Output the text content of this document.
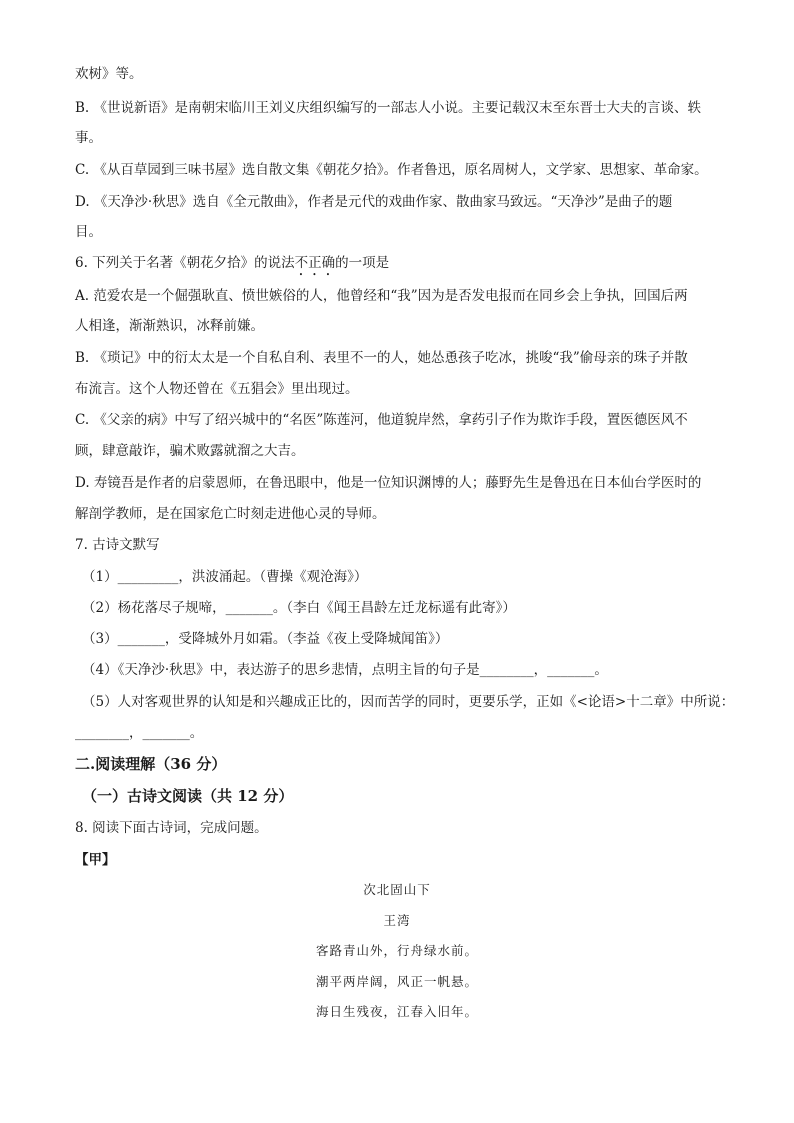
欢树》等。
B. 《世说新语》是南朝宋临川王刘义庆组织编写的一部志人小说。主要记载汉末至东晋士大夫的言谈、轶
事。
C. 《从百草园到三味书屋》选自散文集《朝花夕拾》。作者鲁迅，原名周树人，文学家、思想家、革命家。
D. 《天净沙·秋思》选自《全元散曲》，作者是元代的戏曲作家、散曲家马致远。“天净沙”是曲子的题
目。
6. 下列关于名著《朝花夕拾》的说法不正确的一项是
A. 范爱农是一个倔强耿直、愤世嫉俗的人，他曾经和“我”因为是否发电报而在同乡会上争执，回国后两
人相逢，渐渐熟识，冰释前嫌。
B. 《琐记》中的衍太太是一个自私自利、表里不一的人，她怂恿孩子吃冰，挑唆“我”偷母亲的珠子并散
布流言。这个人物还曾在《五猖会》里出现过。
C. 《父亲的病》中写了绍兴城中的“名医”陈莲河，他道貌岸然，拿药引子作为欺诈手段，置医德医风不
顾，肆意敲诈，骗术败露就溜之大吉。
D. 寿镜吾是作者的启蒙恩师，在鲁迅眼中，他是一位知识渊博的人；藤野先生是鲁迅在日本仙台学医时的
解剖学教师，是在国家危亡时刻走进他心灵的导师。
7. 古诗文默写
（1）_________，洪波涌起。（曹操《观沧海》）
（2）杨花落尽子规啼，_______。（李白《闻王昌龄左迁龙标遥有此寄》）
（3）_______，受降城外月如霜。（李益《夜上受降城闻笛》）
（4）《天净沙·秋思》中，表达游子的思乡悲情，点明主旨的句子是________，_______。
（5）人对客观世界的认知是和兴趣成正比的，因而苦学的同时，更要乐学，正如《<论语>十二章》中所说：
________，_______。
二.阅读理解（36 分）
（一）古诗文阅读（共 12 分）
8. 阅读下面古诗词，完成问题。
【甲】
次北固山下
王湾
客路青山外，行舟绿水前。
潮平两岸阔，风正一帆悬。
海日生残夜，江春入旧年。
